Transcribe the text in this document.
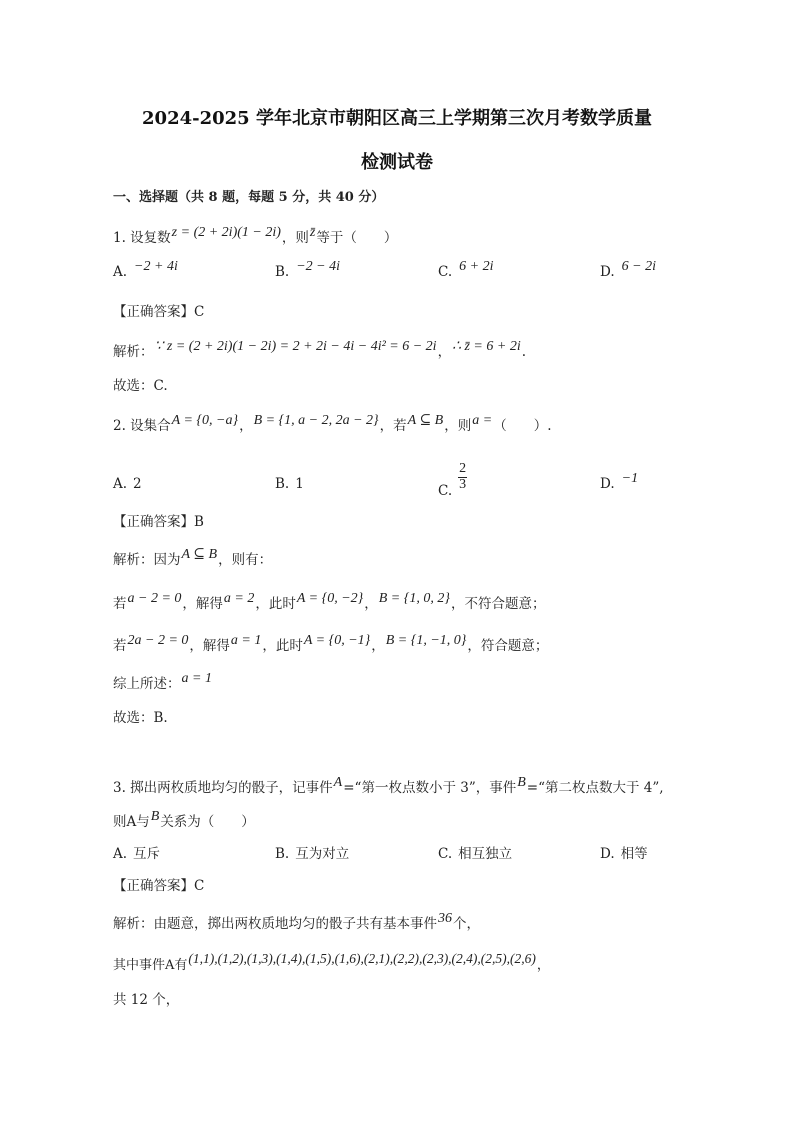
2024-2025 学年北京市朝阳区高三上学期第三次月考数学质量
检测试卷
一、选择题（共 8 题，每题 5 分，共 40 分）
1. 设复数z = (2 + 2i)(1 − 2i)，则z̄等于（　　）
A. −2 + 4i	B. −2 − 4i	C. 6 + 2i	D. 6 − 2i
【正确答案】C
解析：∵ z = (2 + 2i)(1 − 2i) = 2 + 2i − 4i − 4i² = 6 − 2i，∴ z̄ = 6 + 2i.
故选：C.
2. 设集合A = {0, −a}，B = {1, a − 2, 2a − 2}，若A ⊆ B，则a =（　　）.
A. 2	B. 1	C. $\frac{2}{3}$	D. −1
【正确答案】B
解析：因为A ⊆ B，则有：
若a − 2 = 0，解得a = 2，此时A = {0, −2}，B = {1, 0, 2}，不符合题意；
若2a − 2 = 0，解得a = 1，此时A = {0, −1}，B = {1, −1, 0}，符合题意；
综上所述：a = 1
故选：B.
3. 掷出两枚质地均匀的骰子，记事件A=“第一枚点数小于 3”，事件B=“第二枚点数大于 4”,
则A与B关系为（　　）
A. 互斥	B. 互为对立	C. 相互独立	D. 相等
【正确答案】C
解析：由题意，掷出两枚质地均匀的骰子共有基本事件36个，
其中事件A有(1,1),(1,2),(1,3),(1,4),(1,5),(1,6),(2,1),(2,2),(2,3),(2,4),(2,5),(2,6)，
共 12 个，
